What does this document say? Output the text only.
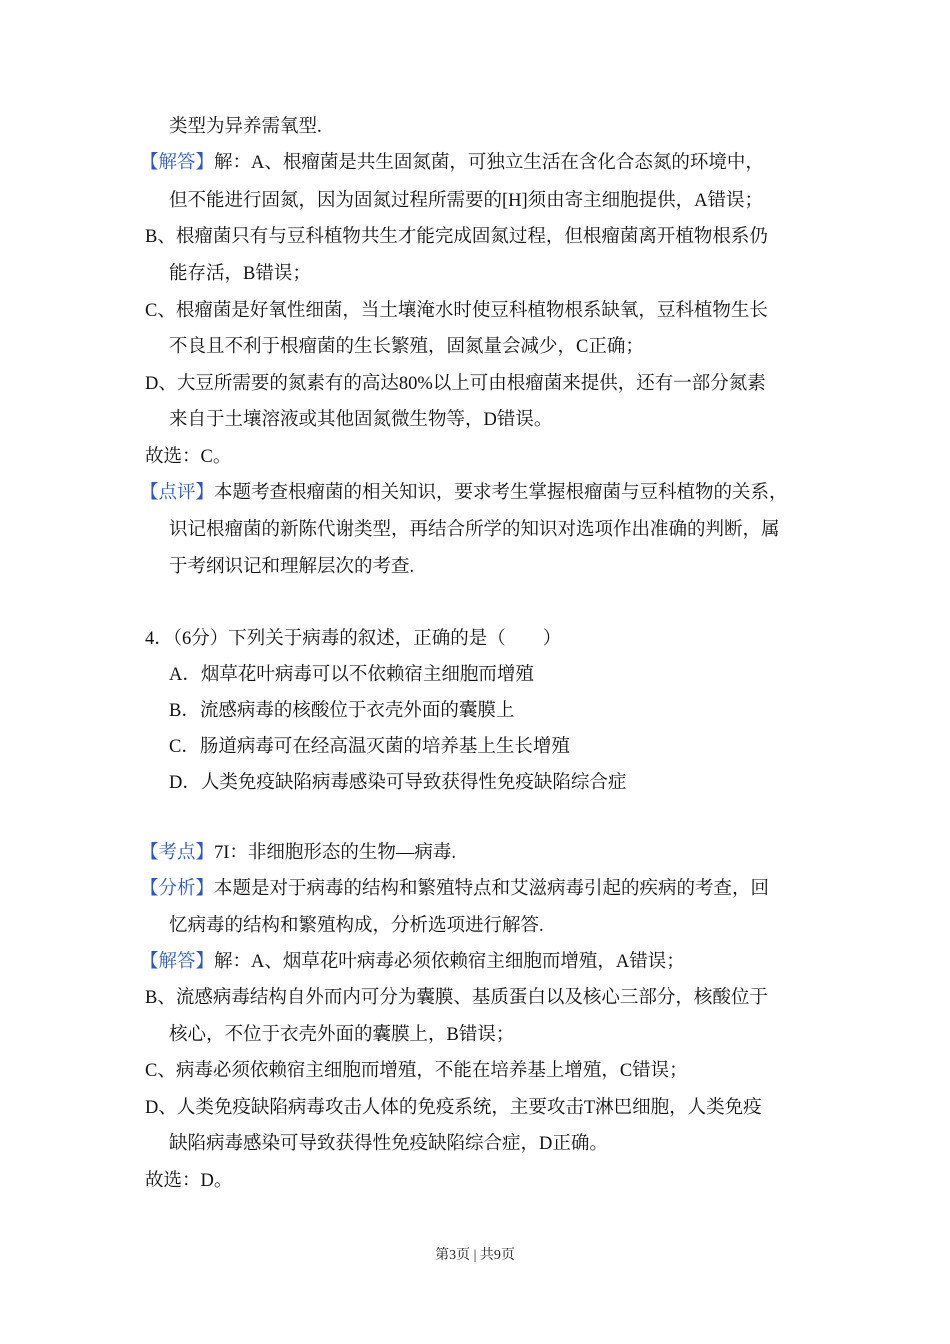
类型为异养需氧型.
【解答】解：A、根瘤菌是共生固氮菌，可独立生活在含化合态氮的环境中，
但不能进行固氮，因为固氮过程所需要的[H]须由寄主细胞提供，A错误；
B、根瘤菌只有与豆科植物共生才能完成固氮过程，但根瘤菌离开植物根系仍
能存活，B错误；
C、根瘤菌是好氧性细菌，当土壤淹水时使豆科植物根系缺氧，豆科植物生长
不良且不利于根瘤菌的生长繁殖，固氮量会减少，C正确；
D、大豆所需要的氮素有的高达80%以上可由根瘤菌来提供，还有一部分氮素
来自于土壤溶液或其他固氮微生物等，D错误。
故选：C。
【点评】本题考查根瘤菌的相关知识，要求考生掌握根瘤菌与豆科植物的关系，
识记根瘤菌的新陈代谢类型，再结合所学的知识对选项作出准确的判断，属
于考纲识记和理解层次的考查.
4．（6分）下列关于病毒的叙述，正确的是（　　）
A．烟草花叶病毒可以不依赖宿主细胞而增殖
B．流感病毒的核酸位于衣壳外面的囊膜上
C．肠道病毒可在经高温灭菌的培养基上生长增殖
D．人类免疫缺陷病毒感染可导致获得性免疫缺陷综合症
【考点】7I：非细胞形态的生物—病毒.
【分析】本题是对于病毒的结构和繁殖特点和艾滋病毒引起的疾病的考查，回
忆病毒的结构和繁殖构成，分析选项进行解答.
【解答】解：A、烟草花叶病毒必须依赖宿主细胞而增殖，A错误；
B、流感病毒结构自外而内可分为囊膜、基质蛋白以及核心三部分，核酸位于
核心，不位于衣壳外面的囊膜上，B错误；
C、病毒必须依赖宿主细胞而增殖，不能在培养基上增殖，C错误；
D、人类免疫缺陷病毒攻击人体的免疫系统，主要攻击T淋巴细胞，人类免疫
缺陷病毒感染可导致获得性免疫缺陷综合症，D正确。
故选：D。
第3页 | 共9页
